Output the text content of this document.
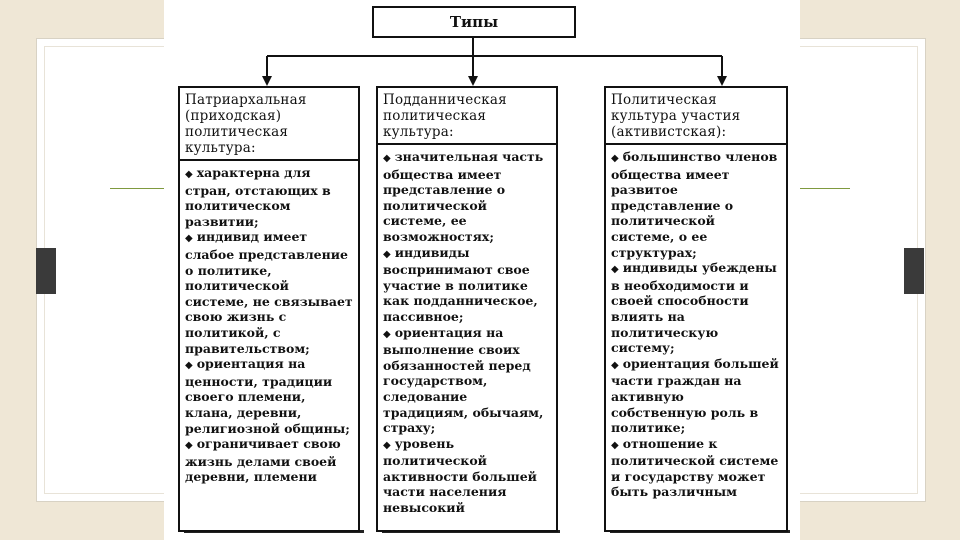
Типы
Патриархальная (приходская) политическая культура:

◆ характерна для стран, отстающих в политическом развитии;

◆ индивид имеет слабое представление о политике, политической системе, не связывает свою жизнь с политикой, с правительством;

◆ ориентация на ценности, традиции своего племени, клана, деревни, религиозной общины;

◆ ограничивает свою жизнь делами своей деревни, племени

Подданническая политическая культура:

◆ значительная часть общества имеет представление о политической системе, ее возможностях;

◆ индивиды воспринимают свое участие в политике как подданническое, пассивное;

◆ ориентация на выполнение своих обязанностей перед государством, следование традициям, обычаям, страху;

◆ уровень политической активности большей части населения невысокий

Политическая культура участия (активистская):

◆ большинство членов общества имеет развитое представление о политической системе, о ее структурах;

◆ индивиды убеждены в необходимости и своей способности влиять на политическую систему;

◆ ориентация большей части граждан на активную собственную роль в политике;

◆ отношение к политической системе и государству может быть различным
